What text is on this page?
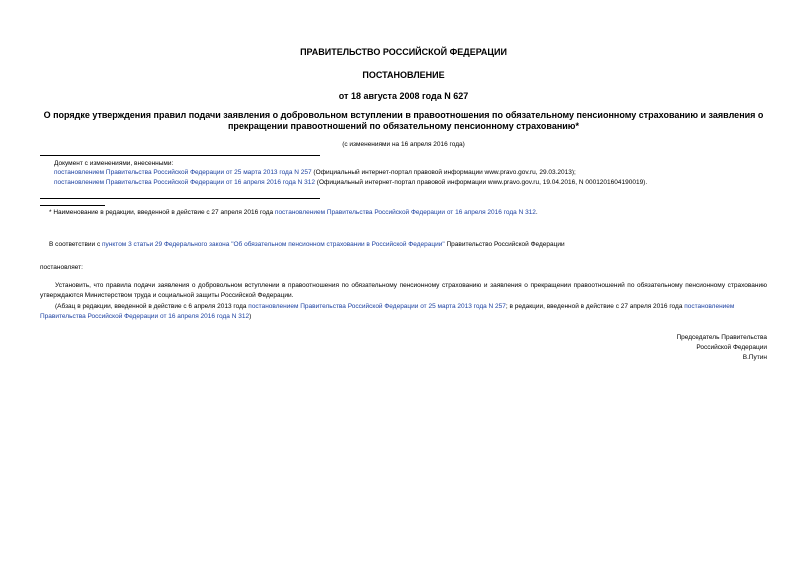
ПРАВИТЕЛЬСТВО РОССИЙСКОЙ ФЕДЕРАЦИИ
ПОСТАНОВЛЕНИЕ
от 18 августа 2008 года N 627
О порядке утверждения правил подачи заявления о добровольном вступлении в правоотношения по обязательному пенсионному страхованию и заявления о прекращении правоотношений по обязательному пенсионному страхованию*
(с изменениями на 16 апреля 2016 года)
Документ с изменениями, внесенными:
постановлением Правительства Российской Федерации от 25 марта 2013 года N 257 (Официальный интернет-портал правовой информации www.pravo.gov.ru, 29.03.2013);
постановлением Правительства Российской Федерации от 16 апреля 2016 года N 312 (Официальный интернет-портал правовой информации www.pravo.gov.ru, 19.04.2016, N 0001201604190019).
* Наименование в редакции, введенной в действие с 27 апреля 2016 года постановлением Правительства Российской Федерации от 16 апреля 2016 года N 312.
В соответствии с пунктом 3 статьи 29 Федерального закона "Об обязательном пенсионном страховании в Российской Федерации" Правительство Российской Федерации
постановляет:
Установить, что правила подачи заявления о добровольном вступлении в правоотношения по обязательному пенсионному страхованию и заявления о прекращении правоотношений по обязательному пенсионному страхованию утверждаются Министерством труда и социальной защиты Российской Федерации.
(Абзац в редакции, введенной в действие с 6 апреля 2013 года постановлением Правительства Российской Федерации от 25 марта 2013 года N 257; в редакции, введенной в действие с 27 апреля 2016 года постановлением Правительства Российской Федерации от 16 апреля 2016 года N 312)
Председатель Правительства
Российской Федерации
В.Путин
